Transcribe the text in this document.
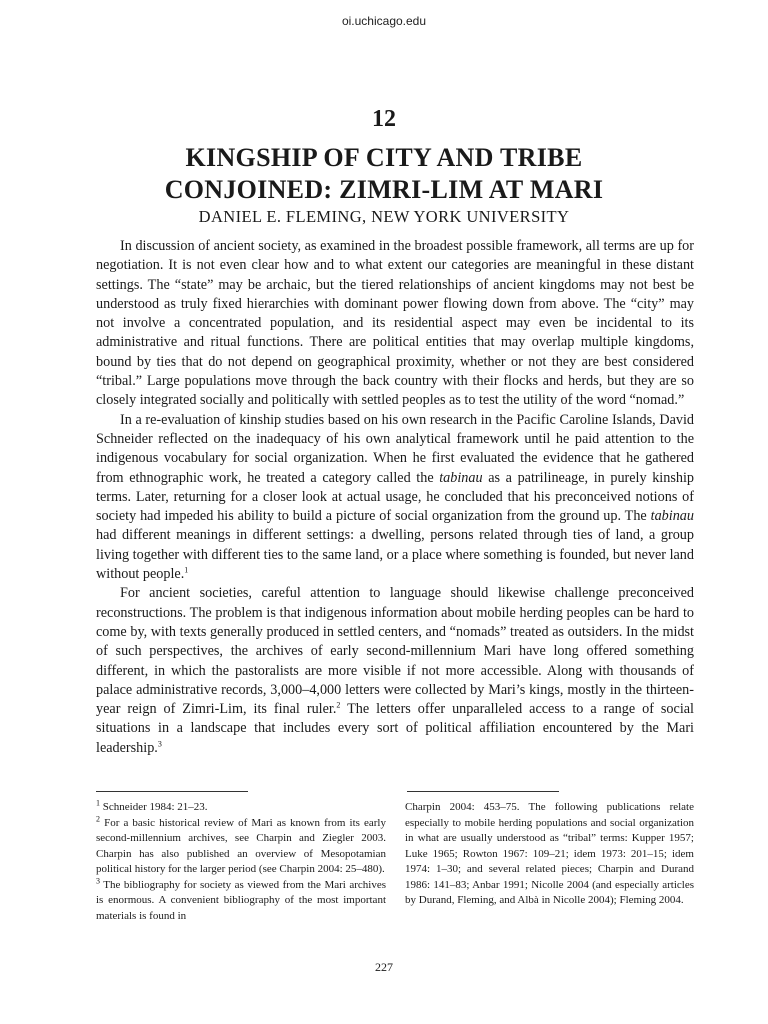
oi.uchicago.edu
12
KINGSHIP OF CITY AND TRIBE
CONJOINED: ZIMRI-LIM AT MARI
DANIEL E. FLEMING, NEW YORK UNIVERSITY

In discussion of ancient society, as examined in the broadest possible framework, all terms are up for negotiation. It is not even clear how and to what extent our categories are meaningful in these distant settings. The “state” may be archaic, but the tiered relationships of ancient kingdoms may not best be understood as truly fixed hierarchies with dominant power flowing down from above. The “city” may not involve a concentrated population, and its residential aspect may even be incidental to its administrative and ritual functions. There are political entities that may overlap multiple kingdoms, bound by ties that do not depend on geographical proximity, whether or not they are best considered “tribal.” Large populations move through the back country with their flocks and herds, but they are so closely integrated socially and politically with settled peoples as to test the utility of the word “nomad.”

In a re-evaluation of kinship studies based on his own research in the Pacific Caroline Islands, David Schneider reflected on the inadequacy of his own analytical framework until he paid attention to the indigenous vocabulary for social organization. When he first evaluated the evidence that he gathered from ethnographic work, he treated a category called the tabinau as a patrilineage, in purely kinship terms. Later, returning for a closer look at actual usage, he concluded that his preconceived notions of society had impeded his ability to build a picture of social organization from the ground up. The tabinau had different meanings in different settings: a dwelling, persons related through ties of land, a group living together with different ties to the same land, or a place where something is founded, but never land without people.$^1$

For ancient societies, careful attention to language should likewise challenge preconceived reconstructions. The problem is that indigenous information about mobile herding peoples can be hard to come by, with texts generally produced in settled centers, and “nomads” treated as outsiders. In the midst of such perspectives, the archives of early second-millennium Mari have long offered something different, in which the pastoralists are more visible if not more accessible. Along with thousands of palace administrative records, 3,000–4,000 letters were collected by Mari’s kings, mostly in the thirteen-year reign of Zimri-Lim, its final ruler.$^2$ The letters offer unparalleled access to a range of social situations in a landscape that includes every sort of political affiliation encountered by the Mari leadership.$^3$

$^1$ Schneider 1984: 21–23.

$^2$ For a basic historical review of Mari as known from its early second-millennium archives, see Charpin and Ziegler 2003. Charpin has also published an overview of Mesopotamian political history for the larger period (see Charpin 2004: 25–480).

$^3$ The bibliography for society as viewed from the Mari archives is enormous. A convenient bibliography of the most important materials is found in

Charpin 2004: 453–75. The following publications relate especially to mobile herding populations and social organization in what are usually understood as “tribal” terms: Kupper 1957; Luke 1965; Rowton 1967: 109–21; idem 1973: 201–15; idem 1974: 1–30; and several related pieces; Charpin and Durand 1986: 141–83; Anbar 1991; Nicolle 2004 (and especially articles by Durand, Fleming, and Albà in Nicolle 2004); Fleming 2004.

227
